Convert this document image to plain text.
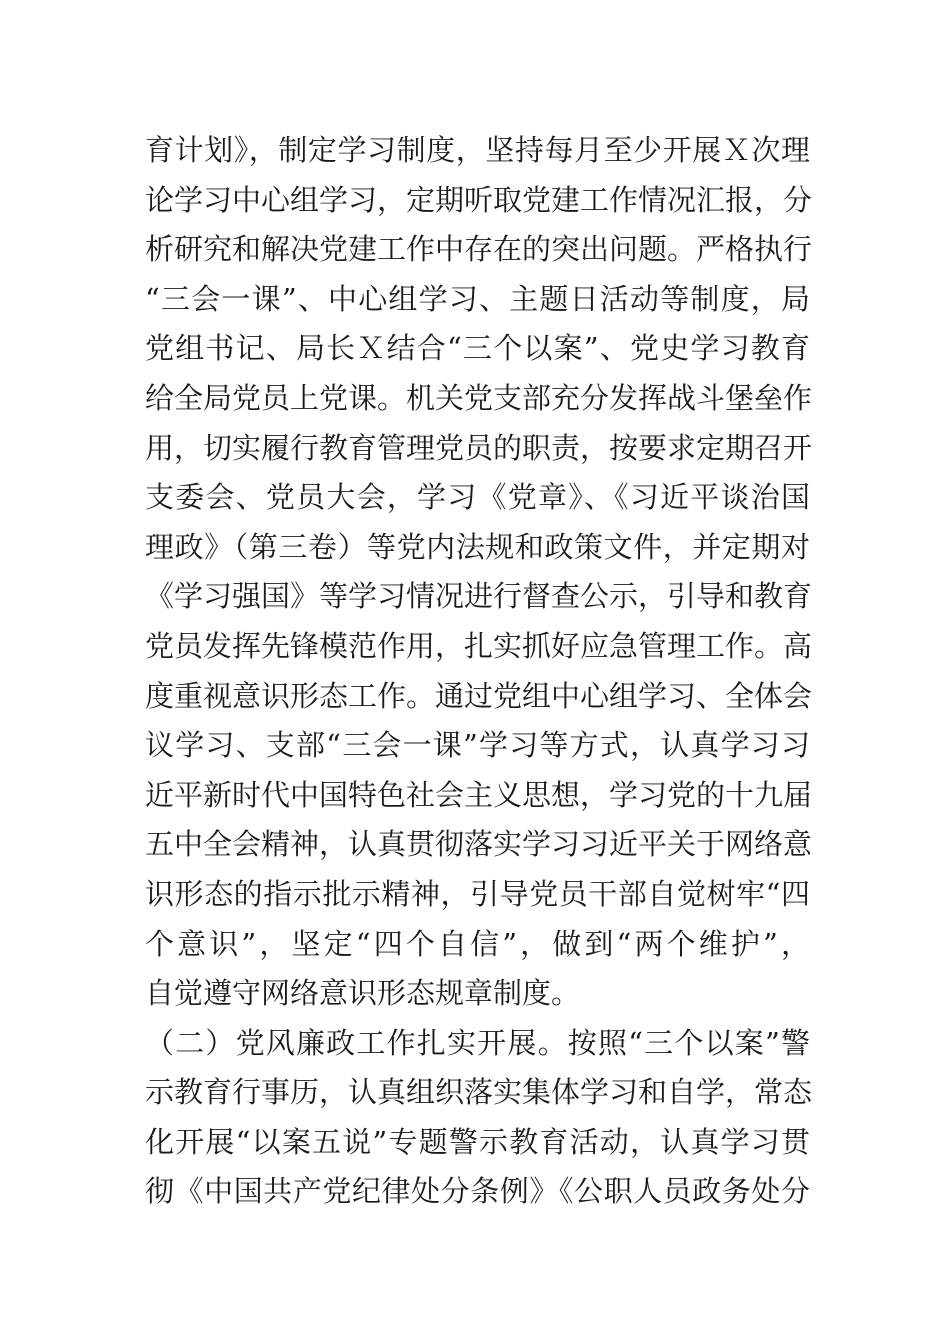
育计划》，制定学习制度，坚持每月至少开展Ｘ次理
论学习中心组学习，定期听取党建工作情况汇报，分
析研究和解决党建工作中存在的突出问题。严格执行
“三会一课”、中心组学习、主题日活动等制度，局
党组书记、局长Ｘ结合“三个以案”、党史学习教育
给全局党员上党课。机关党支部充分发挥战斗堡垒作
用，切实履行教育管理党员的职责，按要求定期召开
支委会、党员大会，学习《党章》、《习近平谈治国
理政》（第三卷）等党内法规和政策文件，并定期对
《学习强国》等学习情况进行督查公示，引导和教育
党员发挥先锋模范作用，扎实抓好应急管理工作。高
度重视意识形态工作。通过党组中心组学习、全体会
议学习、支部“三会一课”学习等方式，认真学习习
近平新时代中国特色社会主义思想，学习党的十九届
五中全会精神，认真贯彻落实学习习近平关于网络意
识形态的指示批示精神，引导党员干部自觉树牢“四
个意识”，坚定“四个自信”，做到“两个维护”，
自觉遵守网络意识形态规章制度。
（二）党风廉政工作扎实开展。按照“三个以案”警
示教育行事历，认真组织落实集体学习和自学，常态
化开展“以案五说”专题警示教育活动，认真学习贯
彻《中国共产党纪律处分条例》《公职人员政务处分
